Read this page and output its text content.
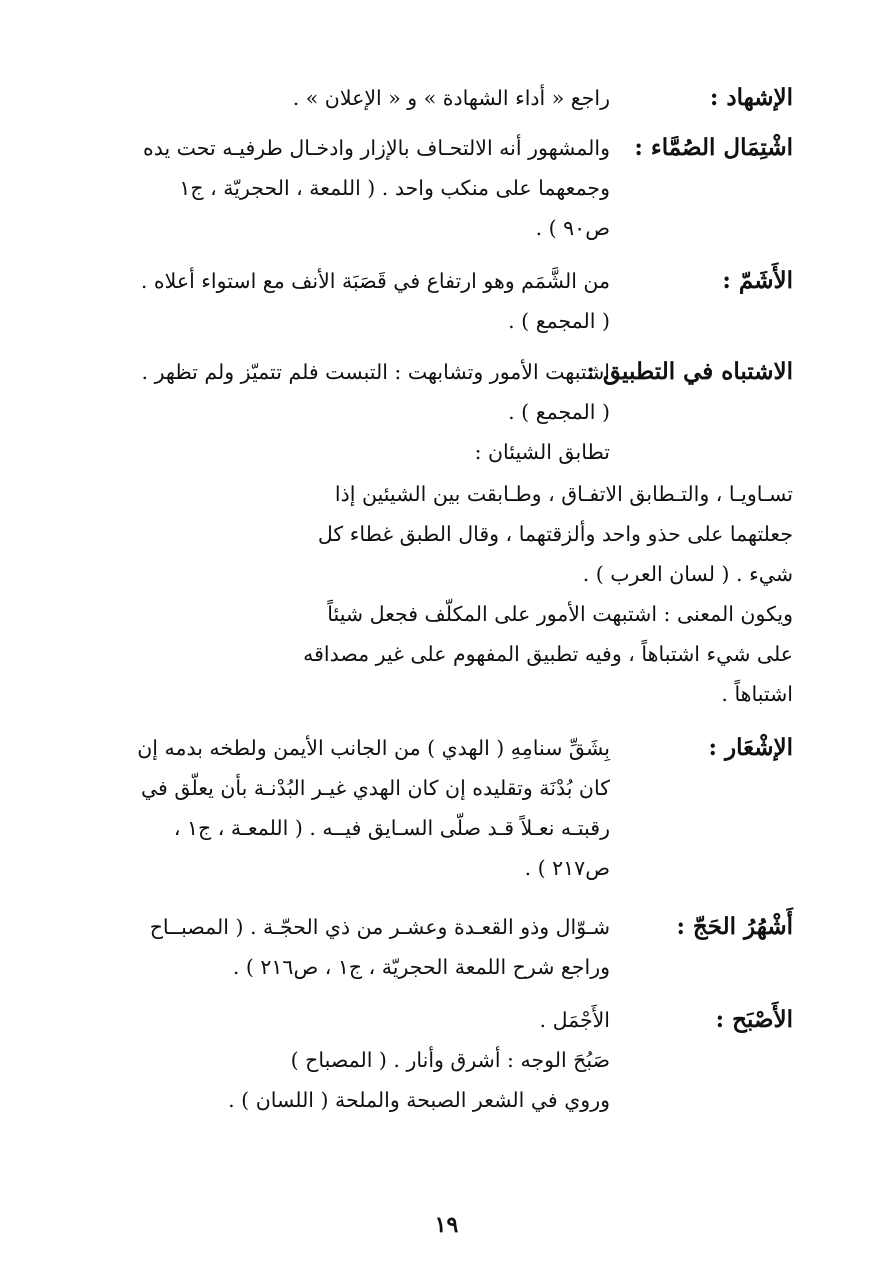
الإشهاد :
راجع « أداء الشهادة » و « الإعلان » .
اشْتِمَال الصُمَّاء :
والمشهور أنه الالتحـاف بالإزار وادخـال طرفيـه تحت يده
وجمعهما على منكب واحد . ( اللمعة ، الحجريّة ، ج١
ص٩٠ ) .
الأَشَمّ :
من الشَّمَم وهو ارتفاع في قَصَبَة الأنف مع استواء أعلاه .
( المجمع ) .
الاشتباه في التطبيق :
اشتبهت الأمور وتشابهت : التبست فلم تتميّز ولم تظهر .
( المجمع ) .
تطابق الشيئان :
تسـاويـا ، والتـطابق الاتفـاق ، وطـابقت بين الشيئين إذا
جعلتهما على حذو واحد وألزقتهما ، وقال الطبق غطاء كل
شيء . ( لسان العرب ) .
ويكون المعنى : اشتبهت الأمور على المكلّف فجعل شيئاً
على شيء اشتباهاً ، وفيه تطبيق المفهوم على غير مصداقه
اشتباهاً .
الإشْعَار :
بِشَقِّ سنامِهِ ( الهدي ) من الجانب الأيمن ولطخه بدمه إن
كان بُدْنَة وتقليده إن كان الهدي غيـر البُدْنـة بأن يعلّق في
رقبتـه نعـلاً قـد صلّى السـايق فيــه . ( اللمعـة ، ج١ ،
ص٢١٧ ) .
أَشْهُرُ الحَجّ :
شـوّال وذو القعـدة وعشـر من ذي الحجّـة . ( المصبــاح
وراجع شرح اللمعة الحجريّة ، ج١ ، ص٢١٦ ) .
الأَصْبَح :
الأَجْمَل .
صَبُحَ الوجه : أشرق وأنار . ( المصباح )
وروي في الشعر الصبحة والملحة ( اللسان ) .
١٩
